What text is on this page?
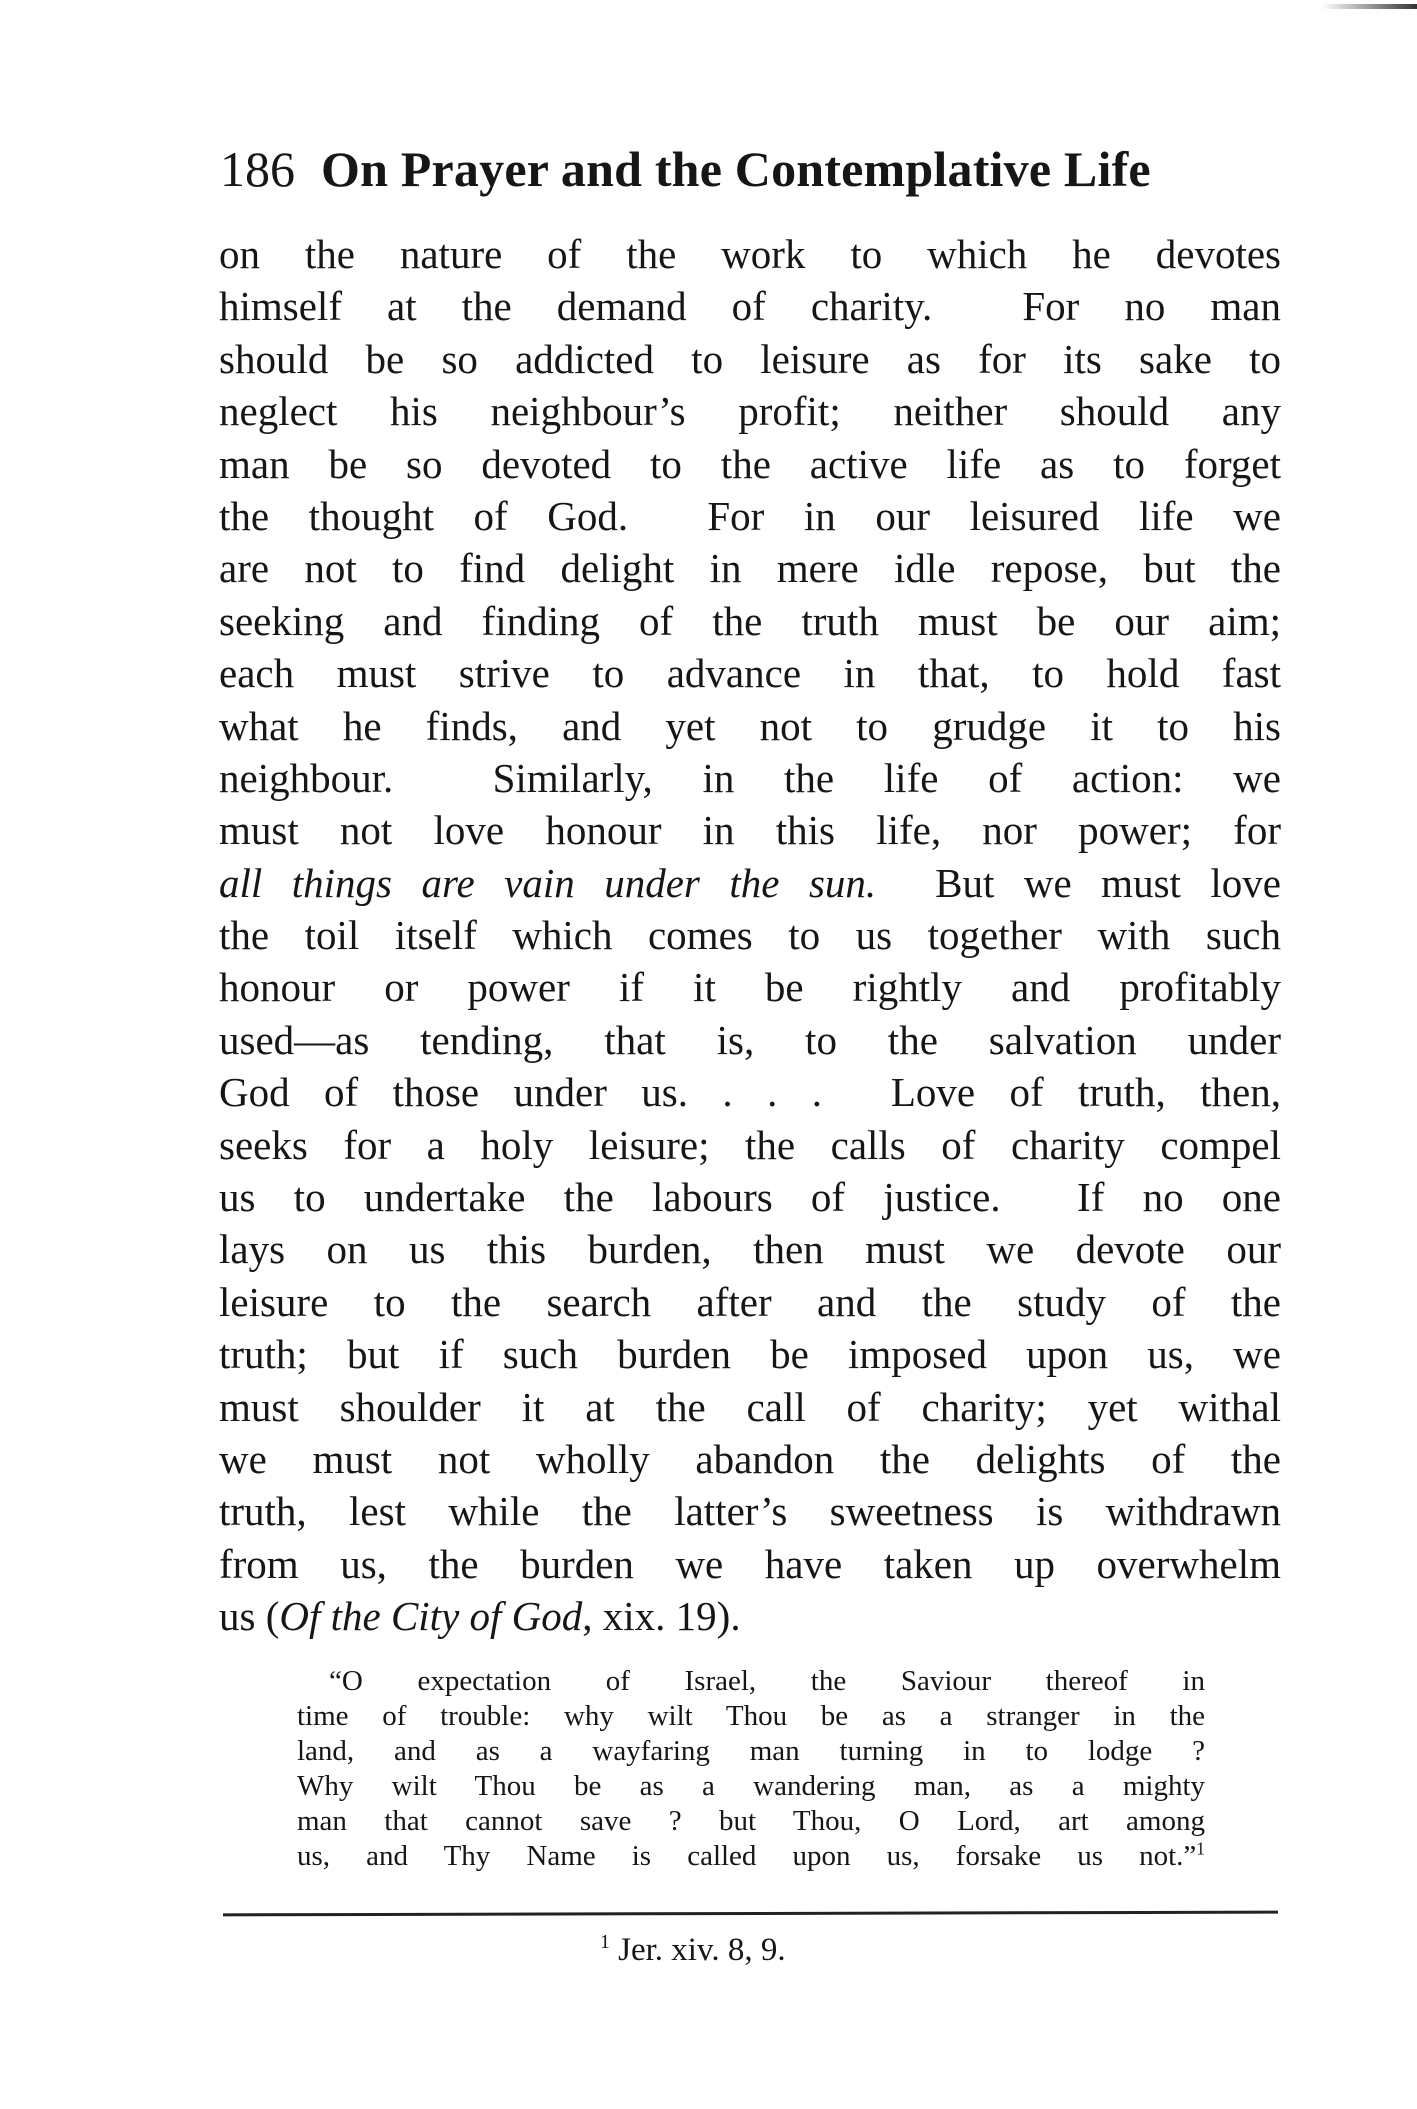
186 On Prayer and the Contemplative Life
on the nature of the work to which he devotes
himself at the demand of charity.  For no man
should be so addicted to leisure as for its sake to
neglect his neighbour’s profit; neither should any
man be so devoted to the active life as to forget
the thought of God.  For in our leisured life we
are not to find delight in mere idle repose, but the
seeking and finding of the truth must be our aim;
each must strive to advance in that, to hold fast
what he finds, and yet not to grudge it to his
neighbour.  Similarly, in the life of action: we
must not love honour in this life, nor power; for
all things are vain under the sun.  But we must love
the toil itself which comes to us together with such
honour or power if it be rightly and profitably
used—as tending, that is, to the salvation under
God of those under us. . . .  Love of truth, then,
seeks for a holy leisure; the calls of charity compel
us to undertake the labours of justice.  If no one
lays on us this burden, then must we devote our
leisure to the search after and the study of the
truth; but if such burden be imposed upon us, we
must shoulder it at the call of charity; yet withal
we must not wholly abandon the delights of the
truth, lest while the latter’s sweetness is withdrawn
from us, the burden we have taken up overwhelm
us (Of the City of God, xix. 19).
“O expectation of Israel, the Saviour thereof in
time of trouble: why wilt Thou be as a stranger in the
land, and as a wayfaring man turning in to lodge ?
Why wilt Thou be as a wandering man, as a mighty
man that cannot save ? but Thou, O Lord, art among
us, and Thy Name is called upon us, forsake us not.”$^1$
$^1$ Jer. xiv. 8, 9.
